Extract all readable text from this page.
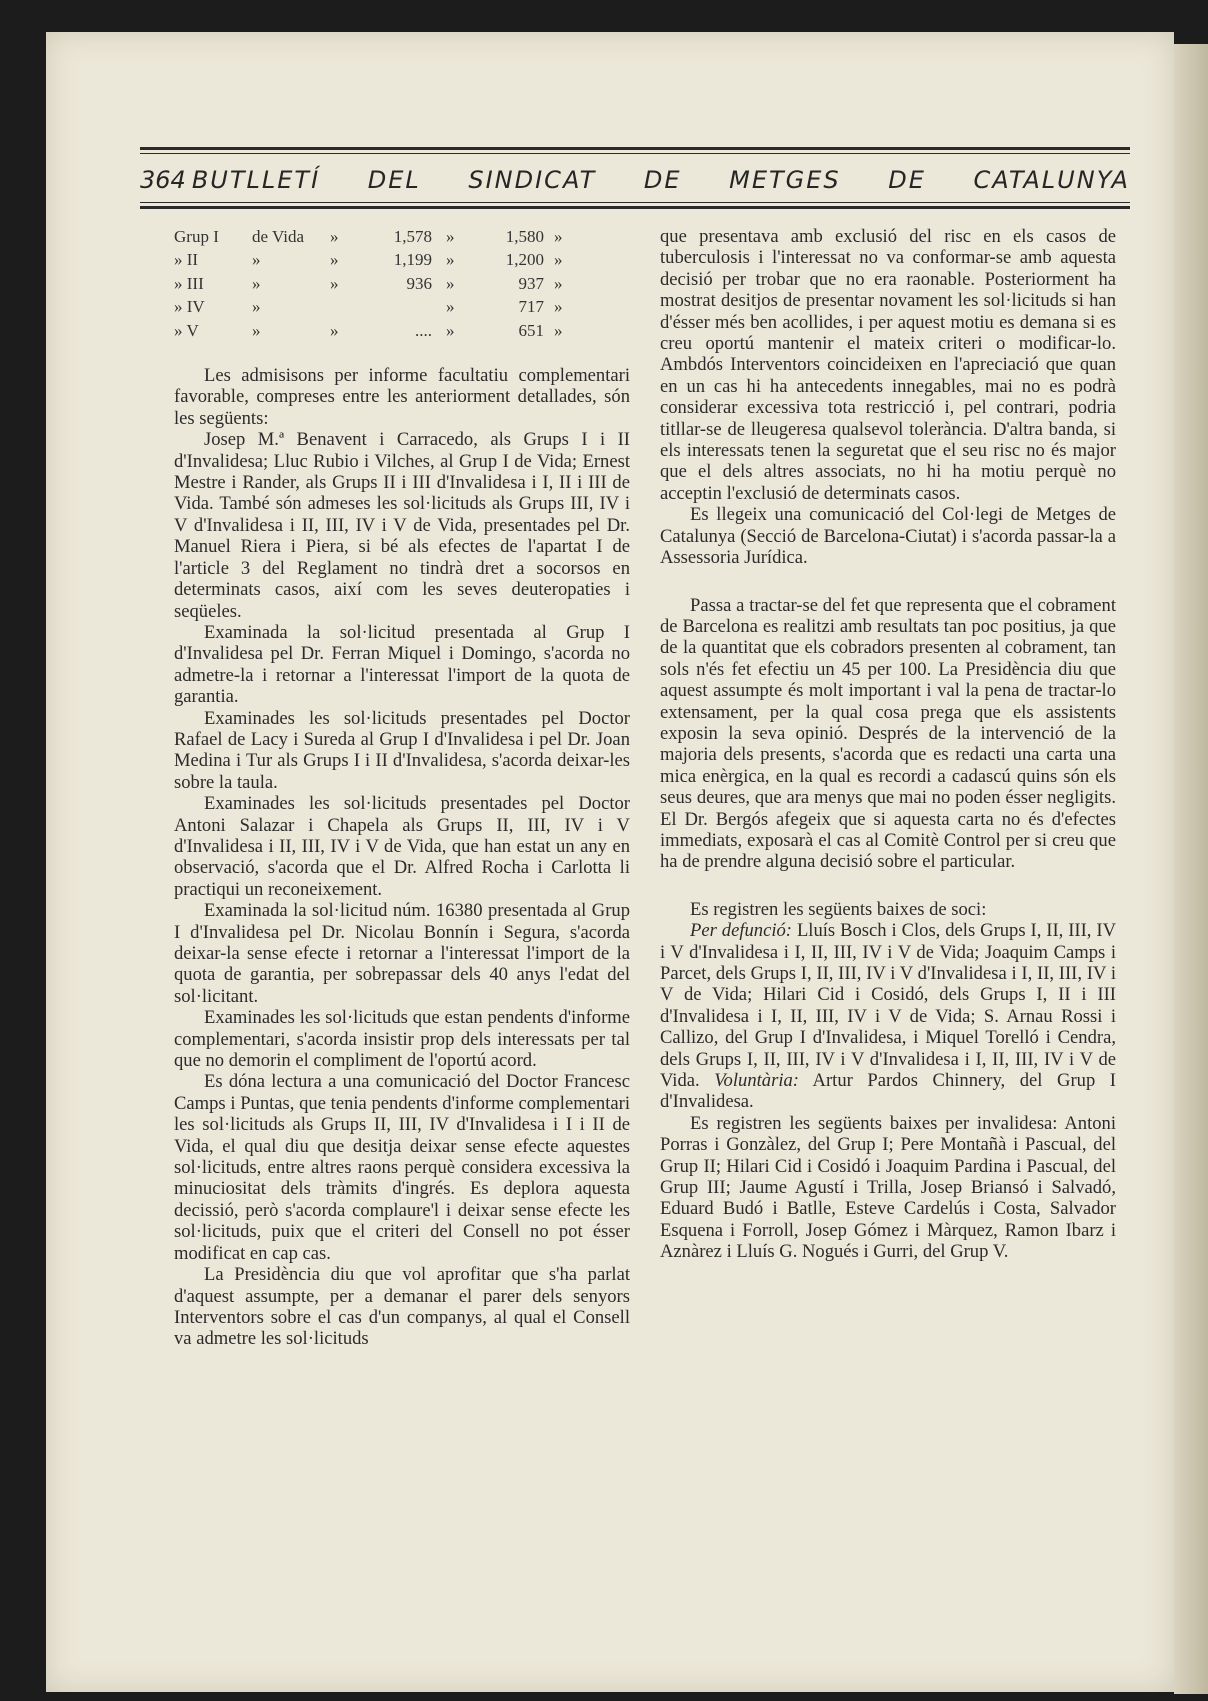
364 BUTLLETÍ DEL SINDICAT DE METGES DE CATALUNYA
Grup I		de Vida	»	1,578	»	1,580	»
» II		»	»	1,199	»	1,200	»
» III		»	»	936	»	937	»
» IV		»			»	717	»
» V		»	»	....	»	651	»

Les admisisons per informe facultatiu complementari favorable, compreses entre les anteriorment detallades, són les següents:

Josep M.ª Benavent i Carracedo, als Grups I i II d'Invalidesa; Lluc Rubio i Vilches, al Grup I de Vida; Ernest Mestre i Rander, als Grups II i III d'Invalidesa i I, II i III de Vida. També són admeses les sol·licituds als Grups III, IV i V d'Invalidesa i II, III, IV i V de Vida, presentades pel Dr. Manuel Riera i Piera, si bé als efectes de l'apartat I de l'article 3 del Reglament no tindrà dret a socorsos en determinats casos, així com les seves deuteropaties i seqüeles.

Examinada la sol·licitud presentada al Grup I d'Invalidesa pel Dr. Ferran Miquel i Domingo, s'acorda no admetre-la i retornar a l'interessat l'import de la quota de garantia.

Examinades les sol·licituds presentades pel Doctor Rafael de Lacy i Sureda al Grup I d'Invalidesa i pel Dr. Joan Medina i Tur als Grups I i II d'Invalidesa, s'acorda deixar-les sobre la taula.

Examinades les sol·licituds presentades pel Doctor Antoni Salazar i Chapela als Grups II, III, IV i V d'Invalidesa i II, III, IV i V de Vida, que han estat un any en observació, s'acorda que el Dr. Alfred Rocha i Carlotta li practiqui un reconeixement.

Examinada la sol·licitud núm. 16380 presentada al Grup I d'Invalidesa pel Dr. Nicolau Bonnín i Segura, s'acorda deixar-la sense efecte i retornar a l'interessat l'import de la quota de garantia, per sobrepassar dels 40 anys l'edat del sol·licitant.

Examinades les sol·licituds que estan pendents d'informe complementari, s'acorda insistir prop dels interessats per tal que no demorin el compliment de l'oportú acord.

Es dóna lectura a una comunicació del Doctor Francesc Camps i Puntas, que tenia pendents d'informe complementari les sol·licituds als Grups II, III, IV d'Invalidesa i I i II de Vida, el qual diu que desitja deixar sense efecte aquestes sol·licituds, entre altres raons perquè considera excessiva la minuciositat dels tràmits d'ingrés. Es deplora aquesta decissió, però s'acorda complaure'l i deixar sense efecte les sol·licituds, puix que el criteri del Consell no pot ésser modificat en cap cas.

La Presidència diu que vol aprofitar que s'ha parlat d'aquest assumpte, per a demanar el parer dels senyors Interventors sobre el cas d'un companys, al qual el Consell va admetre les sol·licituds

que presentava amb exclusió del risc en els casos de tuberculosis i l'interessat no va conformar-se amb aquesta decisió per trobar que no era raonable. Posteriorment ha mostrat desitjos de presentar novament les sol·licituds si han d'ésser més ben acollides, i per aquest motiu es demana si es creu oportú mantenir el mateix criteri o modificar-lo. Ambdós Interventors coincideixen en l'apreciació que quan en un cas hi ha antecedents innegables, mai no es podrà considerar excessiva tota restricció i, pel contrari, podria titllar-se de lleugeresa qualsevol tolerància. D'altra banda, si els interessats tenen la seguretat que el seu risc no és major que el dels altres associats, no hi ha motiu perquè no acceptin l'exclusió de determinats casos.

Es llegeix una comunicació del Col·legi de Metges de Catalunya (Secció de Barcelona-Ciutat) i s'acorda passar-la a Assessoria Jurídica.

Passa a tractar-se del fet que representa que el cobrament de Barcelona es realitzi amb resultats tan poc positius, ja que de la quantitat que els cobradors presenten al cobrament, tan sols n'és fet efectiu un 45 per 100. La Presidència diu que aquest assumpte és molt important i val la pena de tractar-lo extensament, per la qual cosa prega que els assistents exposin la seva opinió. Després de la intervenció de la majoria dels presents, s'acorda que es redacti una carta una mica enèrgica, en la qual es recordi a cadascú quins són els seus deures, que ara menys que mai no poden ésser negligits. El Dr. Bergós afegeix que si aquesta carta no és d'efectes immediats, exposarà el cas al Comitè Control per si creu que ha de prendre alguna decisió sobre el particular.

Es registren les següents baixes de soci:

Per defunció: Lluís Bosch i Clos, dels Grups I, II, III, IV i V d'Invalidesa i I, II, III, IV i V de Vida; Joaquim Camps i Parcet, dels Grups I, II, III, IV i V d'Invalidesa i I, II, III, IV i V de Vida; Hilari Cid i Cosidó, dels Grups I, II i III d'Invalidesa i I, II, III, IV i V de Vida; S. Arnau Rossi i Callizo, del Grup I d'Invalidesa, i Miquel Torelló i Cendra, dels Grups I, II, III, IV i V d'Invalidesa i I, II, III, IV i V de Vida. Voluntària: Artur Pardos Chinnery, del Grup I d'Invalidesa.

Es registren les següents baixes per invalidesa: Antoni Porras i Gonzàlez, del Grup I; Pere Montañà i Pascual, del Grup II; Hilari Cid i Cosidó i Joaquim Pardina i Pascual, del Grup III; Jaume Agustí i Trilla, Josep Briansó i Salvadó, Eduard Budó i Batlle, Esteve Cardelús i Costa, Salvador Esquena i Forroll, Josep Gómez i Màrquez, Ramon Ibarz i Aznàrez i Lluís G. Nogués i Gurri, del Grup V.
